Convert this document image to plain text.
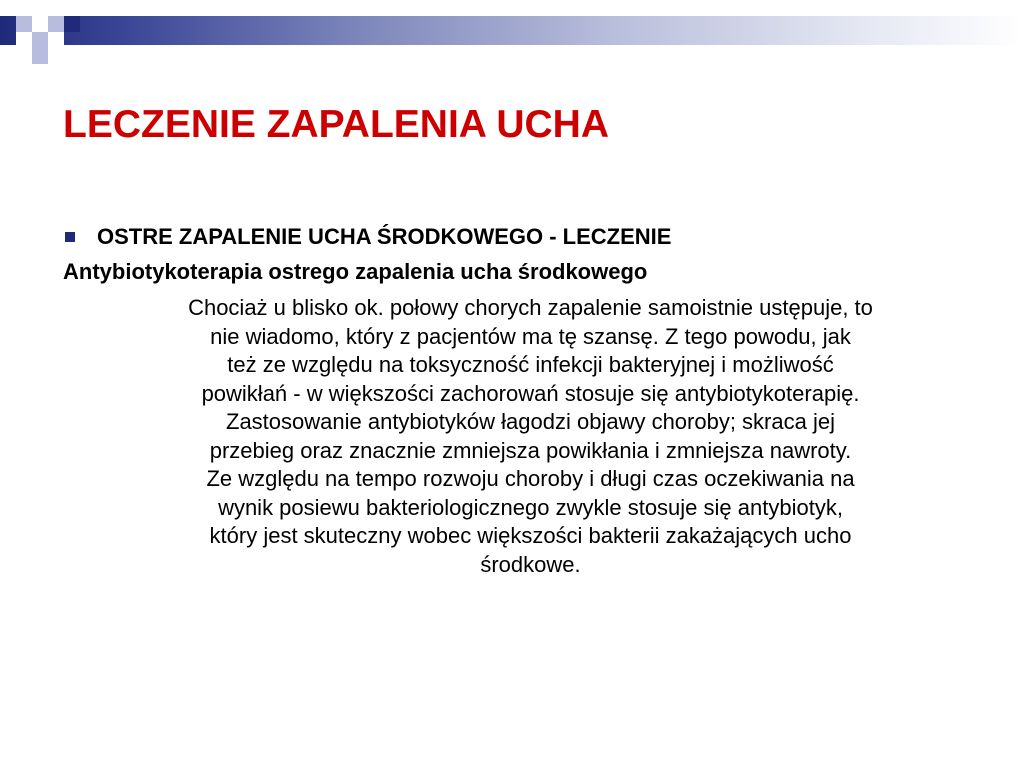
LECZENIE ZAPALENIA UCHA
OSTRE ZAPALENIE UCHA ŚRODKOWEGO - LECZENIE
Antybiotykoterapia ostrego zapalenia ucha środkowego
Chociaż u blisko ok. połowy chorych zapalenie samoistnie ustępuje, to
nie wiadomo, który z pacjentów ma tę szansę. Z tego powodu, jak
też ze względu na toksyczność infekcji bakteryjnej i możliwość
powikłań - w większości zachorowań stosuje się antybiotykoterapię.
Zastosowanie antybiotyków łagodzi objawy choroby; skraca jej
przebieg oraz znacznie zmniejsza powikłania i zmniejsza nawroty.
Ze względu na tempo rozwoju choroby i długi czas oczekiwania na
wynik posiewu bakteriologicznego zwykle stosuje się antybiotyk,
który jest skuteczny wobec większości bakterii zakażających ucho
środkowe.
